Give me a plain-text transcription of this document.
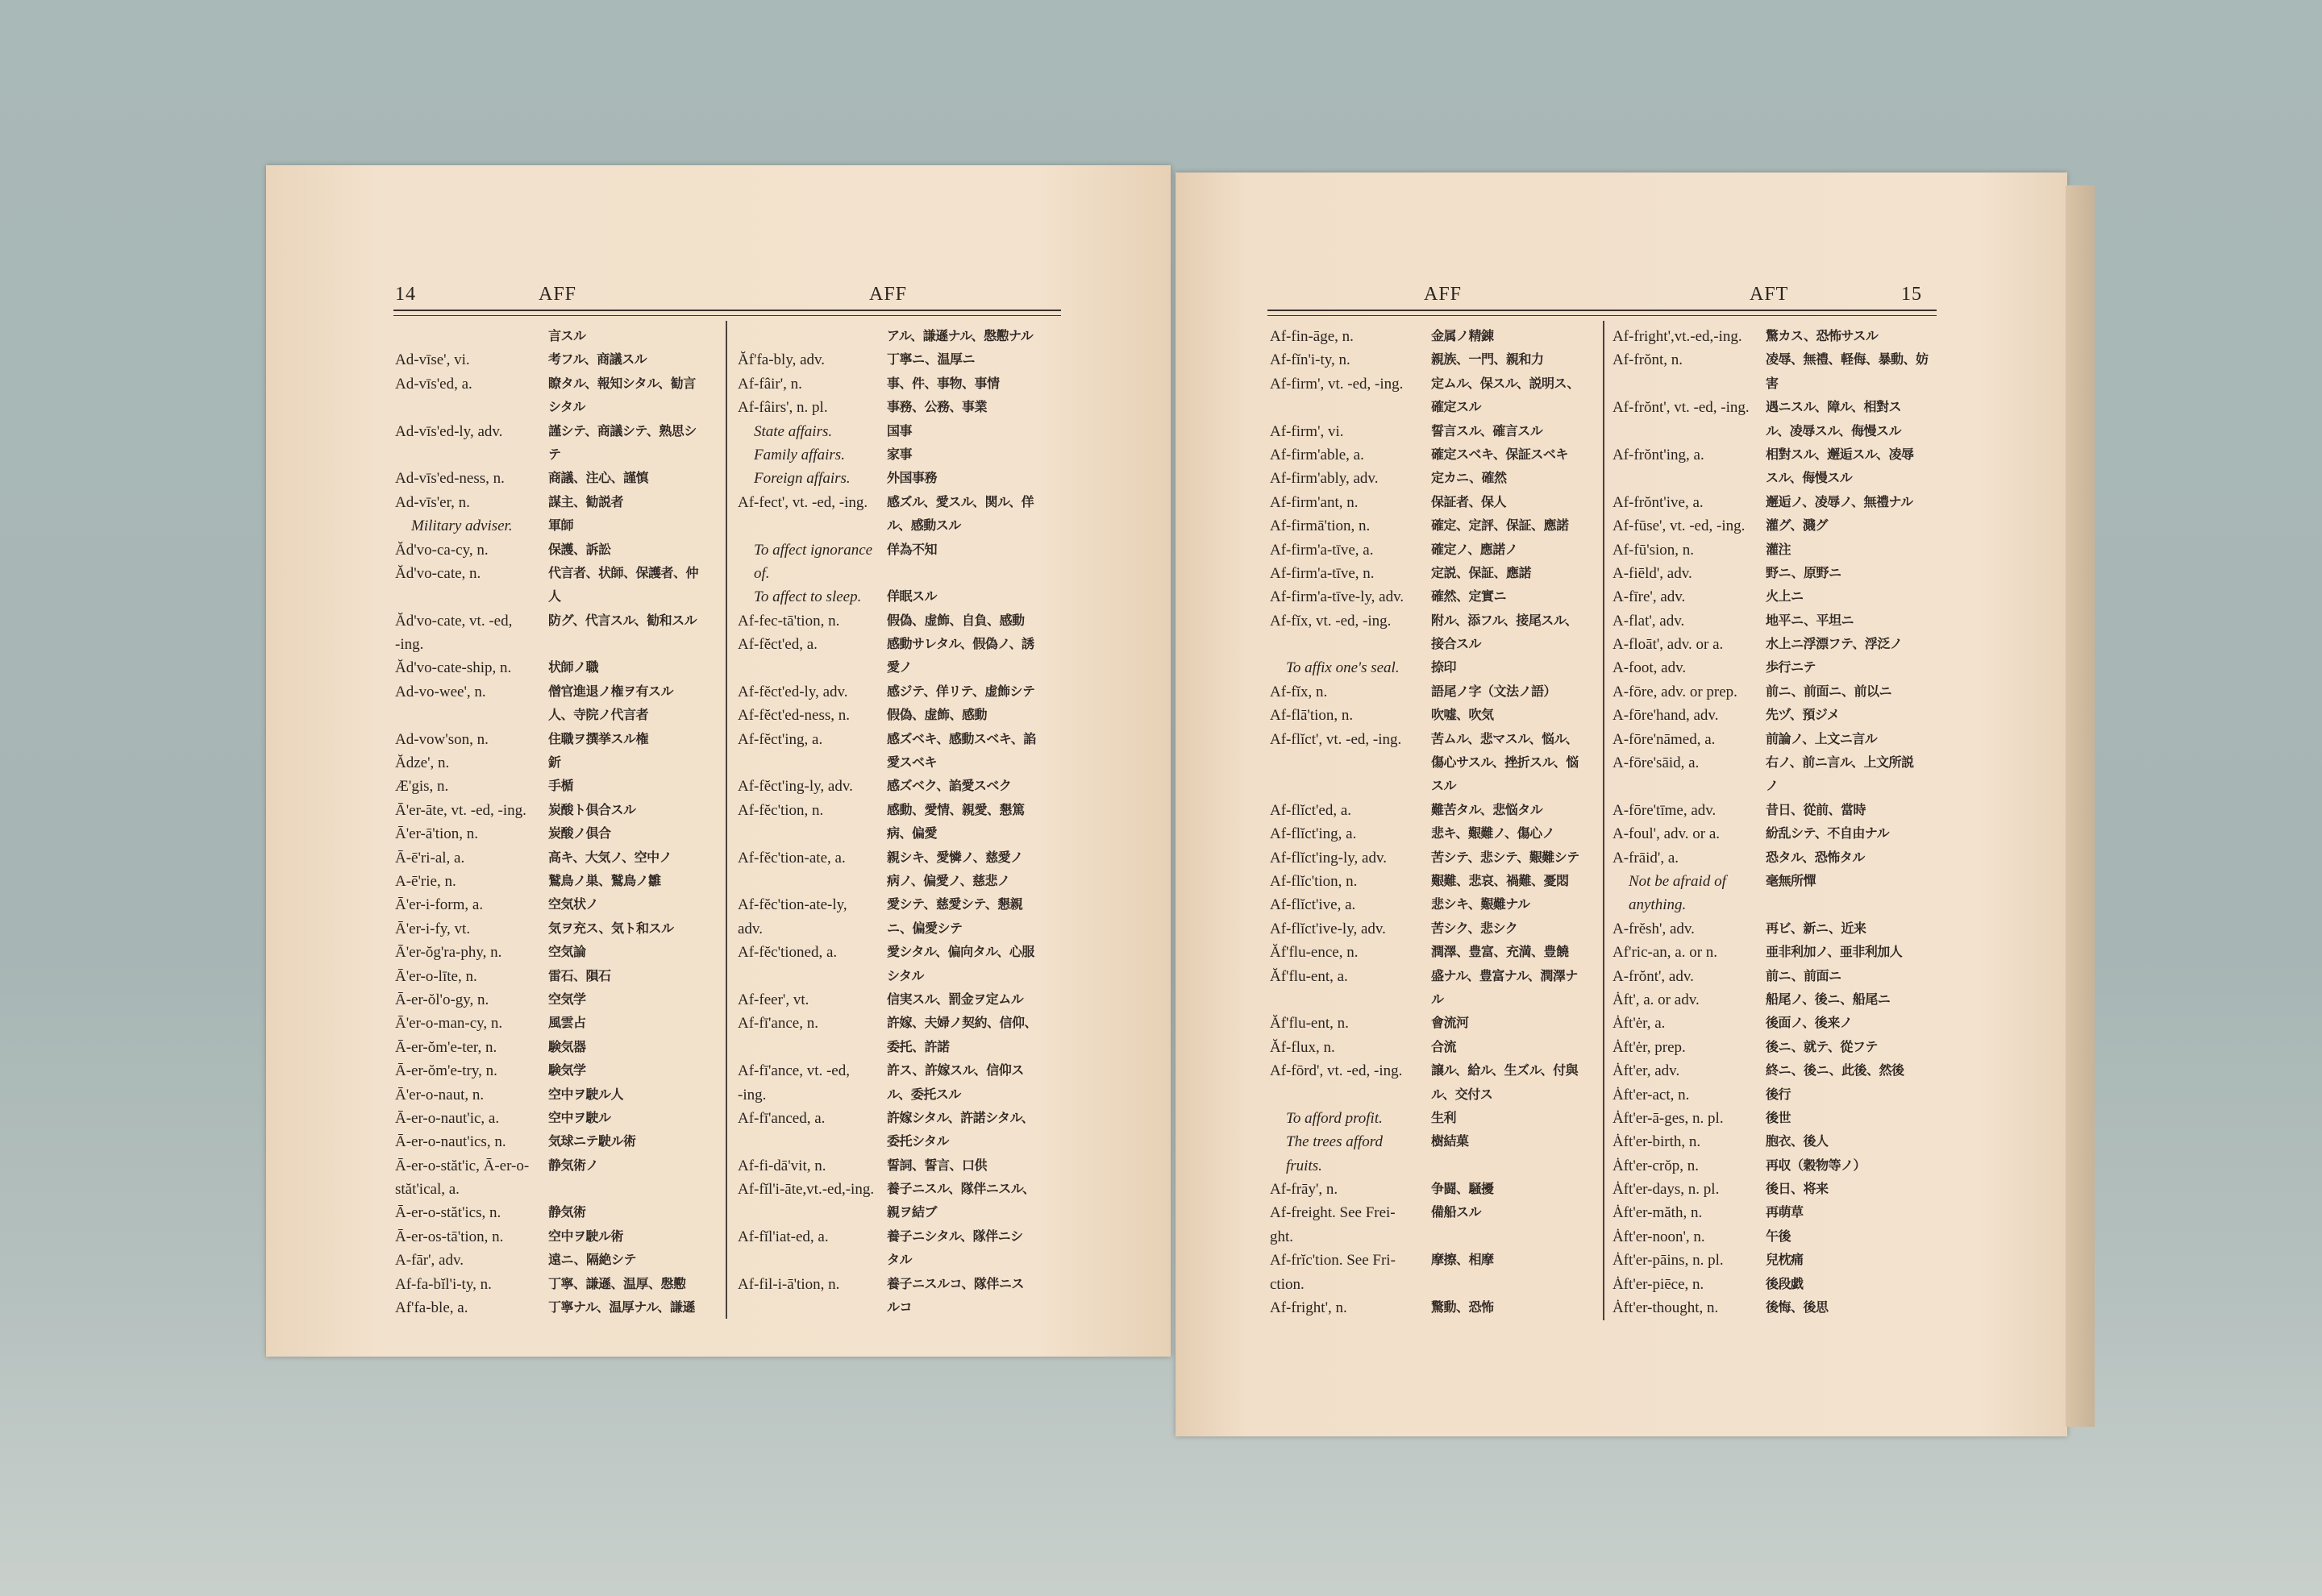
14	AFF	AFF	AFF	AFT	15
言スル
Ad-vīse', vi.	考フル、商議スル
Ad-vīs'ed, a.	瞭タル、報知シタル、勧言
シタル
Ad-vīs'ed-ly, adv.	謹シテ、商議シテ、熟思シ
テ
Ad-vīs'ed-ness, n.	商議、注心、謹慎
Ad-vīs'er, n.	謀主、勧説者
Military adviser.	軍師
Ăd'vo-ca-cy, n.	保護、訴訟
Ăd'vo-cate, n.	代言者、状師、保護者、仲
人
Ăd'vo-cate, vt. -ed,	防グ、代言スル、勧和スル
-ing.
Ăd'vo-cate-ship, n.	状師ノ職
Ad-vo-wee', n.	僧官進退ノ権ヲ有スル
人、寺院ノ代言者
Ad-vow'son, n.	住職ヲ撰挙スル権
Ădze', n.	釿
Æ'gis, n.	手楯
Ā'er-āte, vt. -ed, -ing. 炭酸ト倶合スル
Ā'er-ā'tion, n.	炭酸ノ倶合
Ā-ē'ri-al, a.	高キ、大気ノ、空中ノ
A-ē'rie, n.	鷲鳥ノ巣、鷲鳥ノ雛
Ā'er-i-form, a.	空気状ノ
Ā'er-i-fy, vt.	気ヲ充ス、気ト和スル
Ā'er-ŏg'ra-phy, n.	空気論
Ā'er-o-līte, n.	雷石、隕石
Ā-er-ŏl'o-gy, n.	空気学
Ā'er-o-man-cy, n.	風雲占
Ā-er-ŏm'e-ter, n.	験気器
Ā-er-ŏm'e-try, n.	験気学
Ā'er-o-naut, n.	空中ヲ駛ル人
Ā-er-o-naut'ic, a.	空中ヲ駛ル
Ā-er-o-naut'ics, n.	気球ニテ駛ル術
Ā-er-o-stăt'ic, Ā-er-o- 静気術ノ
stăt'ical, a.
Ā-er-o-stăt'ics, n.	静気術
Ā-er-os-tā'tion, n.	空中ヲ駛ル術
A-fār', adv.	遠ニ、隔絶シテ
Af-fa-bĭl'i-ty, n.	丁寧、謙遜、温厚、慇懃
Af'fa-ble, a.	丁寧ナル、温厚ナル、謙遜
アル、謙遜ナル、慇懃ナル
Ăf'fa-bly, adv.	丁寧ニ、温厚ニ
Af-fâir', n.	事、件、事物、事情
Af-fâirs', n. pl.	事務、公務、事業
State affairs.	国事
Family affairs.	家事
Foreign affairs.	外国事務
Af-fect', vt. -ed, -ing. 感ズル、愛スル、関ル、佯
ル、感動スル
To affect ignorance 佯為不知
of.
To affect to sleep. 佯眠スル
Af-fec-tā'tion, n.	假偽、虚飾、自負、感動
Af-fĕct'ed, a.	感動サレタル、假偽ノ、誘
愛ノ
Af-fĕct'ed-ly, adv.	感ジテ、佯リテ、虚飾シテ
Af-fĕct'ed-ness, n.	假偽、虚飾、感動
Af-fĕct'ing, a.	感ズベキ、感動スベキ、諂
愛スベキ
Af-fĕct'ing-ly, adv.	感ズベク、諂愛スベク
Af-fĕc'tion, n.	感動、愛情、親愛、懇篤
病、偏愛
Af-fĕc'tion-ate, a.	親シキ、愛憐ノ、慈愛ノ
病ノ、偏愛ノ、慈悲ノ
Af-fĕc'tion-ate-ly,	愛シテ、慈愛シテ、懇親
adv.	ニ、偏愛シテ
Af-fĕc'tioned, a.	愛シタル、偏向タル、心服
シタル
Af-feer', vt.	信実スル、罰金ヲ定ムル
Af-fī'ance, n.	許嫁、夫婦ノ契約、信仰、
委托、許諾
Af-fī'ance, vt. -ed,	許ス、許嫁スル、信仰ス
-ing.	ル、委托スル
Af-fī'anced, a.	許嫁シタル、許諾シタル、
委托シタル
Af-fi-dā'vit, n.	誓詞、誓言、口供
Af-fĭl'i-āte,vt.-ed,-ing. 養子ニスル、隊伴ニスル、
親ヲ結ブ
Af-fĭl'iat-ed, a.	養子ニシタル、隊伴ニシ
タル
Af-fil-i-ā'tion, n.	養子ニスルコ、隊伴ニス
ルコ
Af-fin-āge, n.	金属ノ精錬
Af-fĭn'i-ty, n.	親族、一門、親和力
Af-firm', vt. -ed, -ing. 定ムル、保スル、説明ス、
確定スル
Af-firm', vi.	誓言スル、確言スル
Af-firm'able, a.	確定スベキ、保証スベキ
Af-firm'ably, adv.	定カニ、確然
Af-firm'ant, n.	保証者、保人
Af-firmā'tion, n.	確定、定評、保証、應諾
Af-firm'a-tīve, a.	確定ノ、應諾ノ
Af-firm'a-tīve, n.	定説、保証、應諾
Af-firm'a-tīve-ly, adv. 確然、定實ニ
Af-fĭx, vt. -ed, -ing.	附ル、添フル、接尾スル、
接合スル
To affix one's seal. 捺印
Af-fĭx, n.	語尾ノ字（文法ノ語）
Af-flā'tion, n.	吹嘘、吹気
Af-flĭct', vt. -ed, -ing. 苦ムル、悲マスル、悩ル、
傷心サスル、挫折スル、悩
スル
Af-flĭct'ed, a.	難苦タル、悲悩タル
Af-flĭct'ing, a.	悲キ、艱難ノ、傷心ノ
Af-flĭct'ing-ly, adv.	苦シテ、悲シテ、艱難シテ
Af-flĭc'tion, n.	艱難、悲哀、禍難、憂悶
Af-flĭct'ive, a.	悲シキ、艱難ナル
Af-flĭct'ive-ly, adv.	苦シク、悲シク
Ăf'flu-ence, n.	潤澤、豊富、充満、豊饒
Ăf'flu-ent, a.	盛ナル、豊富ナル、潤澤ナ
ル
Ăf'flu-ent, n.	會流河
Ăf-flux, n.	合流
Af-fōrd', vt. -ed, -ing. 譲ル、給ル、生ズル、付與
ル、交付ス
To afford profit.	生利
The trees afford	樹結菓
fruits.
Af-frāy', n.	争闘、騒擾
Af-freight. See Frei-	備船スル
ght.
Af-frĭc'tion. See Fri-	摩擦、相摩
ction.
Af-fright', n.	驚動、恐怖
Af-fright',vt.-ed,-ing. 驚カス、恐怖サスル
Af-frŏnt, n.	凌辱、無禮、軽侮、暴動、妨
害
Af-frŏnt', vt. -ed, -ing. 遇ニスル、障ル、相對ス
ル、凌辱スル、侮慢スル
Af-frŏnt'ing, a.	相對スル、邂逅スル、凌辱
スル、侮慢スル
Af-frŏnt'ive, a.	邂逅ノ、凌辱ノ、無禮ナル
Af-fūse', vt. -ed, -ing. 灌グ、濺グ
Af-fū'sion, n.	灌注
A-fiēld', adv.	野ニ、原野ニ
A-fīre', adv.	火上ニ
A-flat', adv.	地平ニ、平坦ニ
A-floāt', adv. or a.	水上ニ浮漂フテ、浮泛ノ
A-foot, adv.	歩行ニテ
A-fōre, adv. or prep. 前ニ、前面ニ、前以ニ
A-fōre'hand, adv.	先ヅ、預ジメ
A-fōre'nāmed, a.	前論ノ、上文ニ言ル
A-fōre'sāid, a.	右ノ、前ニ言ル、上文所説
ノ
A-fōre'tīme, adv.	昔日、從前、當時
A-foul', adv. or a.	紛乱シテ、不自由ナル
A-frāid', a.	恐タル、恐怖タル
Not be afraid of	毫無所憚
anything.
A-frĕsh', adv.	再ビ、新ニ、近来
Af'ric-an, a. or n.	亜非利加ノ、亜非利加人
A-frŏnt', adv.	前ニ、前面ニ
Ȧft', a. or adv.	船尾ノ、後ニ、船尾ニ
Ȧft'ėr, a.	後面ノ、後来ノ
Ȧft'ėr, prep.	後ニ、就テ、從フテ
Ȧft'er, adv.	終ニ、後ニ、此後、然後
Ȧft'er-act, n.	後行
Ȧft'er-ā-ges, n. pl.	後世
Ȧft'er-birth, n.	胞衣、後人
Ȧft'er-crŏp, n.	再収（穀物等ノ）
Ȧft'er-days, n. pl.	後日、将来
Ȧft'er-măth, n.	再萌草
Ȧft'er-noon', n.	午後
Ȧft'er-pāins, n. pl.	兒枕痛
Ȧft'er-piēce, n.	後段戯
Ȧft'er-thought, n.	後悔、後思
